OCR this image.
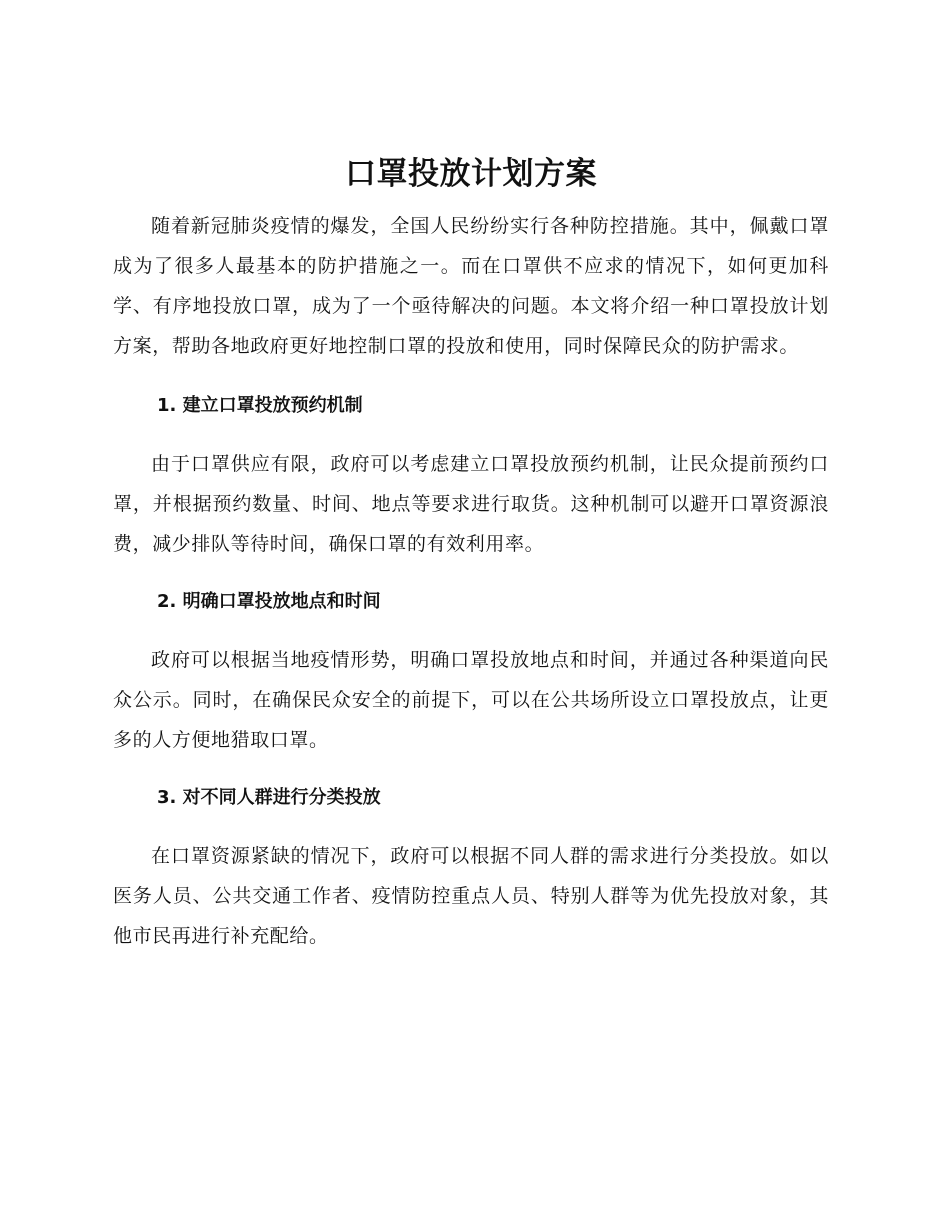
口罩投放计划方案

随着新冠肺炎疫情的爆发，全国人民纷纷实行各种防控措施。其中，佩戴口罩成为了很多人最基本的防护措施之一。而在口罩供不应求的情况下，如何更加科学、有序地投放口罩，成为了一个亟待解决的问题。本文将介绍一种口罩投放计划方案，帮助各地政府更好地控制口罩的投放和使用，同时保障民众的防护需求。

1. 建立口罩投放预约机制

由于口罩供应有限，政府可以考虑建立口罩投放预约机制，让民众提前预约口罩，并根据预约数量、时间、地点等要求进行取货。这种机制可以避开口罩资源浪费，减少排队等待时间，确保口罩的有效利用率。

2. 明确口罩投放地点和时间

政府可以根据当地疫情形势，明确口罩投放地点和时间，并通过各种渠道向民众公示。同时，在确保民众安全的前提下，可以在公共场所设立口罩投放点，让更多的人方便地猎取口罩。

3. 对不同人群进行分类投放

在口罩资源紧缺的情况下，政府可以根据不同人群的需求进行分类投放。如以医务人员、公共交通工作者、疫情防控重点人员、特别人群等为优先投放对象，其他市民再进行补充配给。
